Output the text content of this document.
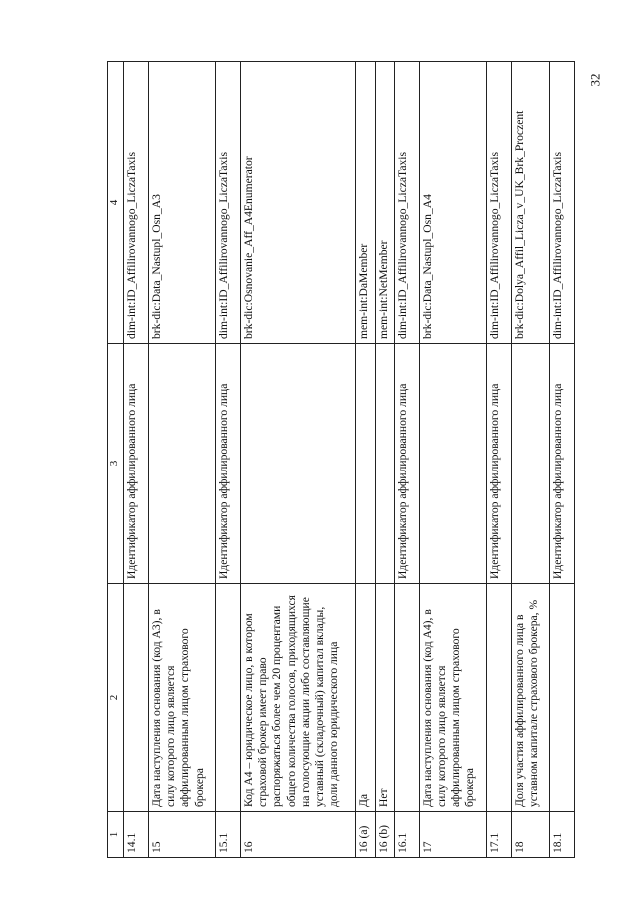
32
1	2	3	4
14.1		Идентификатор аффилированного лица	dim-int:ID_Affilirovannogo_LiczaTaxis
15	Дата наступления основания (код А3), в силу которого лицо является аффилированным лицом страхового брокера		brk-dic:Data_Nastupl_Osn_A3
15.1		Идентификатор аффилированного лица	dim-int:ID_Affilirovannogo_LiczaTaxis
16	Код А4 – юридическое лицо, в котором страховой брокер имеет право распоряжаться более чем 20 процентами общего количества голосов, приходящихся на голосующие акции либо составляющие уставный (складочный) капитал вклады, доли данного юридического лица		brk-dic:Osnovanie_Aff_A4Enumerator
16 (a)	Да		mem-int:DaMember
16 (b)	Нет		mem-int:NetMember
16.1		Идентификатор аффилированного лица	dim-int:ID_Affilirovannogo_LiczaTaxis
17	Дата наступления основания (код А4), в силу которого лицо является аффилированным лицом страхового брокера		brk-dic:Data_Nastupl_Osn_A4
17.1		Идентификатор аффилированного лица	dim-int:ID_Affilirovannogo_LiczaTaxis
18	Доля участия аффилированного лица в уставном капитале страхового брокера, %		brk-dic:Dolya_Affil_Licza_v_UK_Brk_Proczent
18.1		Идентификатор аффилированного лица	dim-int:ID_Affilirovannogo_LiczaTaxis
